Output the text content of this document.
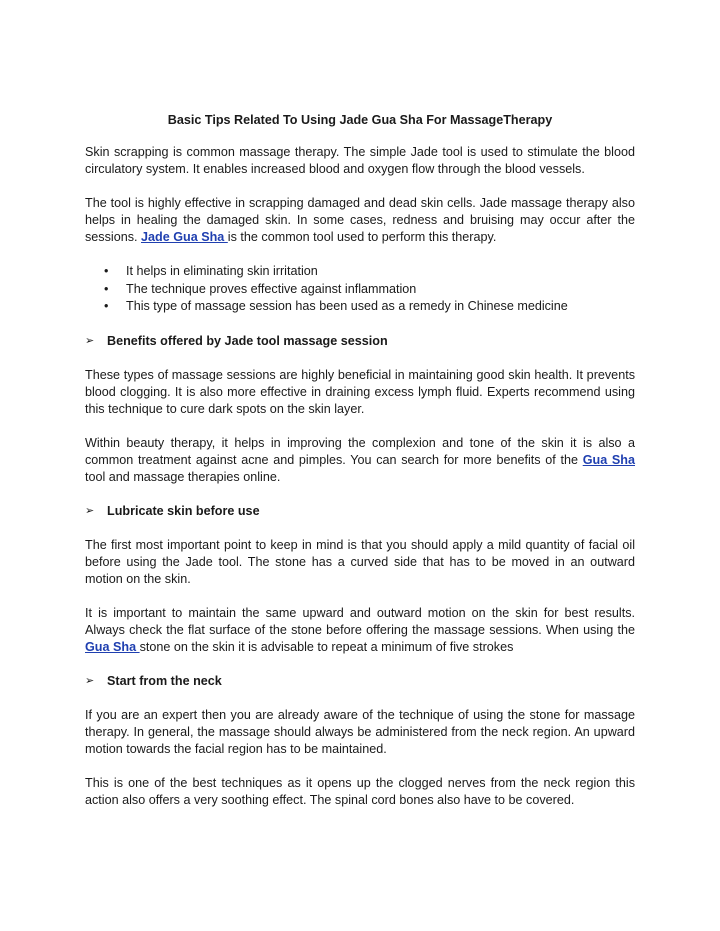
Basic Tips Related To Using Jade Gua Sha For MassageTherapy

Skin scrapping is common massage therapy. The simple Jade tool is used to stimulate the blood circulatory system. It enables increased blood and oxygen flow through the blood vessels.

The tool is highly effective in scrapping damaged and dead skin cells. Jade massage therapy also helps in healing the damaged skin. In some cases, redness and bruising may occur after the sessions. Jade Gua Sha is the common tool used to perform this therapy.

• It helps in eliminating skin irritation
• The technique proves effective against inflammation
• This type of massage session has been used as a remedy in Chinese medicine
➢ Benefits offered by Jade tool massage session

These types of massage sessions are highly beneficial in maintaining good skin health. It prevents blood clogging. It is also more effective in draining excess lymph fluid. Experts recommend using this technique to cure dark spots on the skin layer.

Within beauty therapy, it helps in improving the complexion and tone of the skin it is also a common treatment against acne and pimples. You can search for more benefits of the Gua Sha tool and massage therapies online.

➢ Lubricate skin before use

The first most important point to keep in mind is that you should apply a mild quantity of facial oil before using the Jade tool. The stone has a curved side that has to be moved in an outward motion on the skin.

It is important to maintain the same upward and outward motion on the skin for best results. Always check the flat surface of the stone before offering the massage sessions. When using the Gua Sha stone on the skin it is advisable to repeat a minimum of five strokes

➢ Start from the neck

If you are an expert then you are already aware of the technique of using the stone for massage therapy. In general, the massage should always be administered from the neck region. An upward motion towards the facial region has to be maintained.

This is one of the best techniques as it opens up the clogged nerves from the neck region this action also offers a very soothing effect. The spinal cord bones also have to be covered.
